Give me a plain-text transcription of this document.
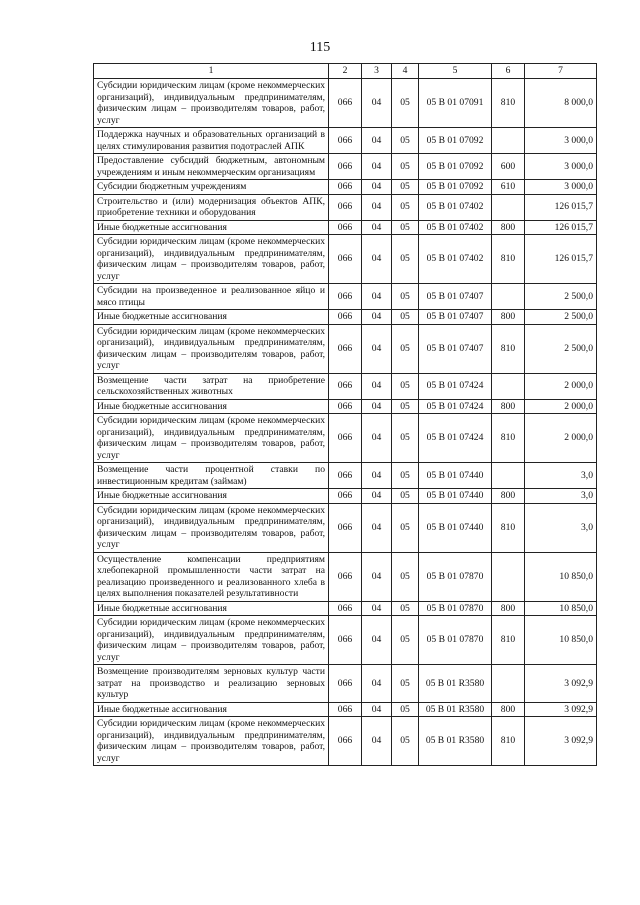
115
1	2	3	4	5	6	7
Субсидии юридическим лицам (кроме некоммерческих организаций), индивидуальным предпринимателям, физическим лицам – производителям товаров, работ, услуг	066	04	05	05 В 01 07091	810	8 000,0
Поддержка научных и образовательных организаций в целях стимулирования развития подотраслей АПК	066	04	05	05 В 01 07092		3 000,0
Предоставление субсидий бюджетным, автономным учреждениям и иным некоммерческим организациям	066	04	05	05 В 01 07092	600	3 000,0
Субсидии бюджетным учреждениям	066	04	05	05 В 01 07092	610	3 000,0
Строительство и (или) модернизация объектов АПК, приобретение техники и оборудования	066	04	05	05 В 01 07402		126 015,7
Иные бюджетные ассигнования	066	04	05	05 В 01 07402	800	126 015,7
Субсидии юридическим лицам (кроме некоммерческих организаций), индивидуальным предпринимателям, физическим лицам – производителям товаров, работ, услуг	066	04	05	05 В 01 07402	810	126 015,7
Субсидии на произведенное и реализованное яйцо и мясо птицы	066	04	05	05 В 01 07407		2 500,0
Иные бюджетные ассигнования	066	04	05	05 В 01 07407	800	2 500,0
Субсидии юридическим лицам (кроме некоммерческих организаций), индивидуальным предпринимателям, физическим лицам – производителям товаров, работ, услуг	066	04	05	05 В 01 07407	810	2 500,0
Возмещение части затрат на приобретение сельскохозяйственных животных	066	04	05	05 В 01 07424		2 000,0
Иные бюджетные ассигнования	066	04	05	05 В 01 07424	800	2 000,0
Субсидии юридическим лицам (кроме некоммерческих организаций), индивидуальным предпринимателям, физическим лицам – производителям товаров, работ, услуг	066	04	05	05 В 01 07424	810	2 000,0
Возмещение части процентной ставки по инвестиционным кредитам (займам)	066	04	05	05 В 01 07440		3,0
Иные бюджетные ассигнования	066	04	05	05 В 01 07440	800	3,0
Субсидии юридическим лицам (кроме некоммерческих организаций), индивидуальным предпринимателям, физическим лицам – производителям товаров, работ, услуг	066	04	05	05 В 01 07440	810	3,0
Осуществление компенсации предприятиям хлебопекарной промышленности части затрат на реализацию произведенного и реализованного хлеба в целях выполнения показателей результативности	066	04	05	05 В 01 07870		10 850,0
Иные бюджетные ассигнования	066	04	05	05 В 01 07870	800	10 850,0
Субсидии юридическим лицам (кроме некоммерческих организаций), индивидуальным предпринимателям, физическим лицам – производителям товаров, работ, услуг	066	04	05	05 В 01 07870	810	10 850,0
Возмещение производителям зерновых культур части затрат на производство и реализацию зерновых культур	066	04	05	05 В 01 R3580		3 092,9
Иные бюджетные ассигнования	066	04	05	05 В 01 R3580	800	3 092,9
Субсидии юридическим лицам (кроме некоммерческих организаций), индивидуальным предпринимателям, физическим лицам – производителям товаров, работ, услуг	066	04	05	05 В 01 R3580	810	3 092,9
